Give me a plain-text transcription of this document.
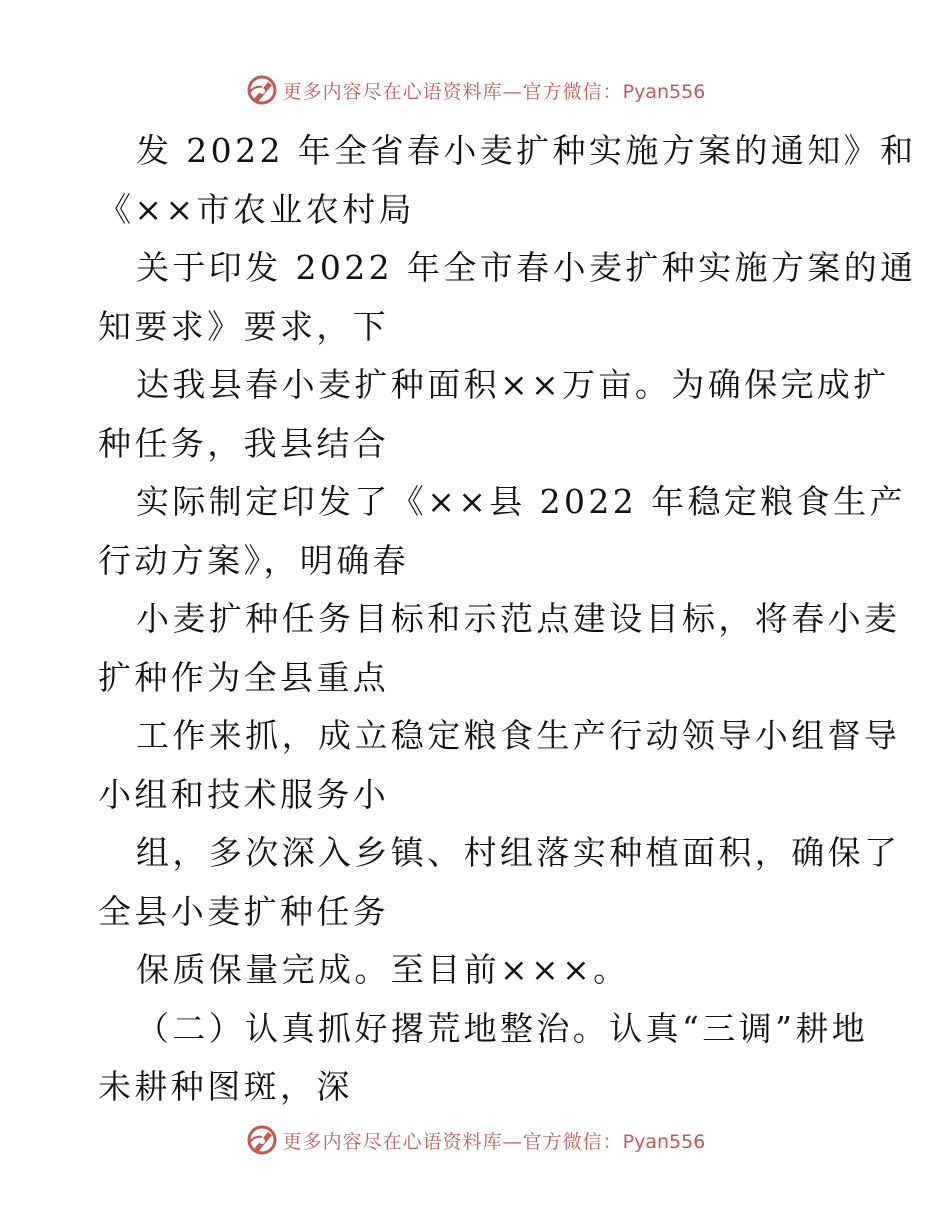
更多内容尽在心语资料库—官方微信：Pyan556
发 2022 年全省春小麦扩种实施方案的通知》和
《××市农业农村局
关于印发 2022 年全市春小麦扩种实施方案的通
知要求》要求，下
达我县春小麦扩种面积××万亩。为确保完成扩
种任务，我县结合
实际制定印发了《××县 2022 年稳定粮食生产
行动方案》，明确春
小麦扩种任务目标和示范点建设目标，将春小麦
扩种作为全县重点
工作来抓，成立稳定粮食生产行动领导小组督导
小组和技术服务小
组，多次深入乡镇、村组落实种植面积，确保了
全县小麦扩种任务
保质保量完成。至目前×××。
（二）认真抓好撂荒地整治。认真“三调”耕地
未耕种图斑，深
更多内容尽在心语资料库—官方微信：Pyan556
